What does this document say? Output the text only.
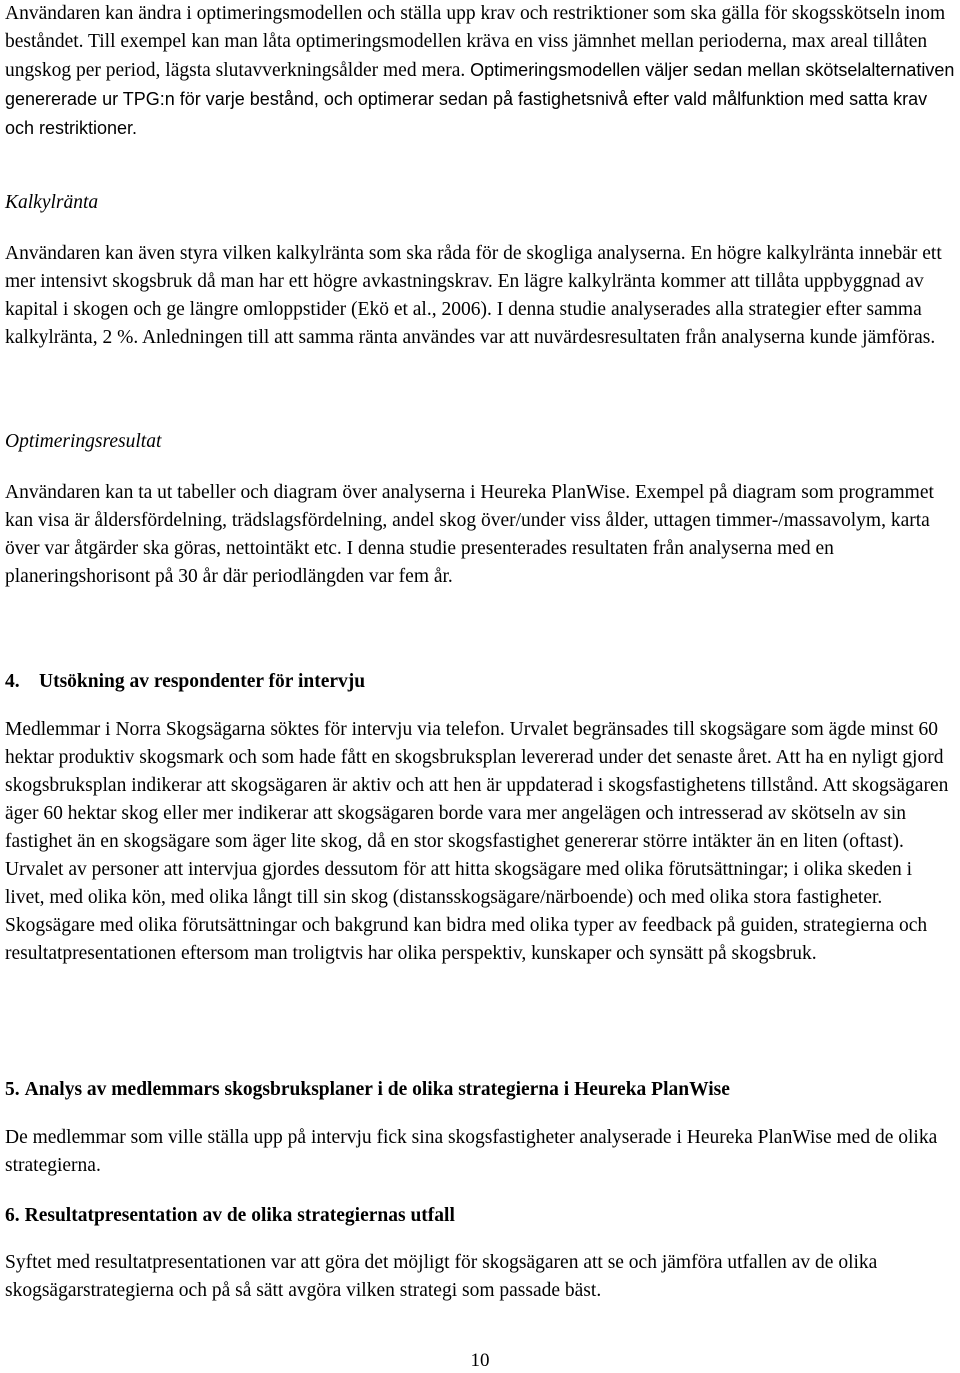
Användaren kan ändra i optimeringsmodellen och ställa upp krav och restriktioner som ska gälla för skogsskötseln inom beståndet. Till exempel kan man låta optimeringsmodellen kräva en viss jämnhet mellan perioderna, max areal tillåten ungskog per period, lägsta slutavverkningsålder med mera. Optimeringsmodellen väljer sedan mellan skötselalternativen genererade ur TPG:n för varje bestånd, och optimerar sedan på fastighetsnivå efter vald målfunktion med satta krav och restriktioner.

Kalkylränta

Användaren kan även styra vilken kalkylränta som ska råda för de skogliga analyserna. En högre kalkylränta innebär ett mer intensivt skogsbruk då man har ett högre avkastningskrav. En lägre kalkylränta kommer att tillåta uppbyggnad av kapital i skogen och ge längre omloppstider (Ekö et al., 2006). I denna studie analyserades alla strategier efter samma kalkylränta, 2 %. Anledningen till att samma ränta användes var att nuvärdesresultaten från analyserna kunde jämföras.

Optimeringsresultat

Användaren kan ta ut tabeller och diagram över analyserna i Heureka PlanWise. Exempel på diagram som programmet kan visa är åldersfördelning, trädslagsfördelning, andel skog över/under viss ålder, uttagen timmer-/massavolym, karta över var åtgärder ska göras, nettointäkt etc. I denna studie presenterades resultaten från analyserna med en planeringshorisont på 30 år där periodlängden var fem år.

4. Utsökning av respondenter för intervju

Medlemmar i Norra Skogsägarna söktes för intervju via telefon. Urvalet begränsades till skogsägare som ägde minst 60 hektar produktiv skogsmark och som hade fått en skogsbruksplan levererad under det senaste året. Att ha en nyligt gjord skogsbruksplan indikerar att skogsägaren är aktiv och att hen är uppdaterad i skogsfastighetens tillstånd. Att skogsägaren äger 60 hektar skog eller mer indikerar att skogsägaren borde vara mer angelägen och intresserad av skötseln av sin fastighet än en skogsägare som äger lite skog, då en stor skogsfastighet genererar större intäkter än en liten (oftast). Urvalet av personer att intervjua gjordes dessutom för att hitta skogsägare med olika förutsättningar; i olika skeden i livet, med olika kön, med olika långt till sin skog (distansskogsägare/närboende) och med olika stora fastigheter. Skogsägare med olika förutsättningar och bakgrund kan bidra med olika typer av feedback på guiden, strategierna och resultatpresentationen eftersom man troligtvis har olika perspektiv, kunskaper och synsätt på skogsbruk.

5. Analys av medlemmars skogsbruksplaner i de olika strategierna i Heureka PlanWise

De medlemmar som ville ställa upp på intervju fick sina skogsfastigheter analyserade i Heureka PlanWise med de olika strategierna.

6. Resultatpresentation av de olika strategiernas utfall

Syftet med resultatpresentationen var att göra det möjligt för skogsägaren att se och jämföra utfallen av de olika skogsägarstrategierna och på så sätt avgöra vilken strategi som passade bäst.

10
